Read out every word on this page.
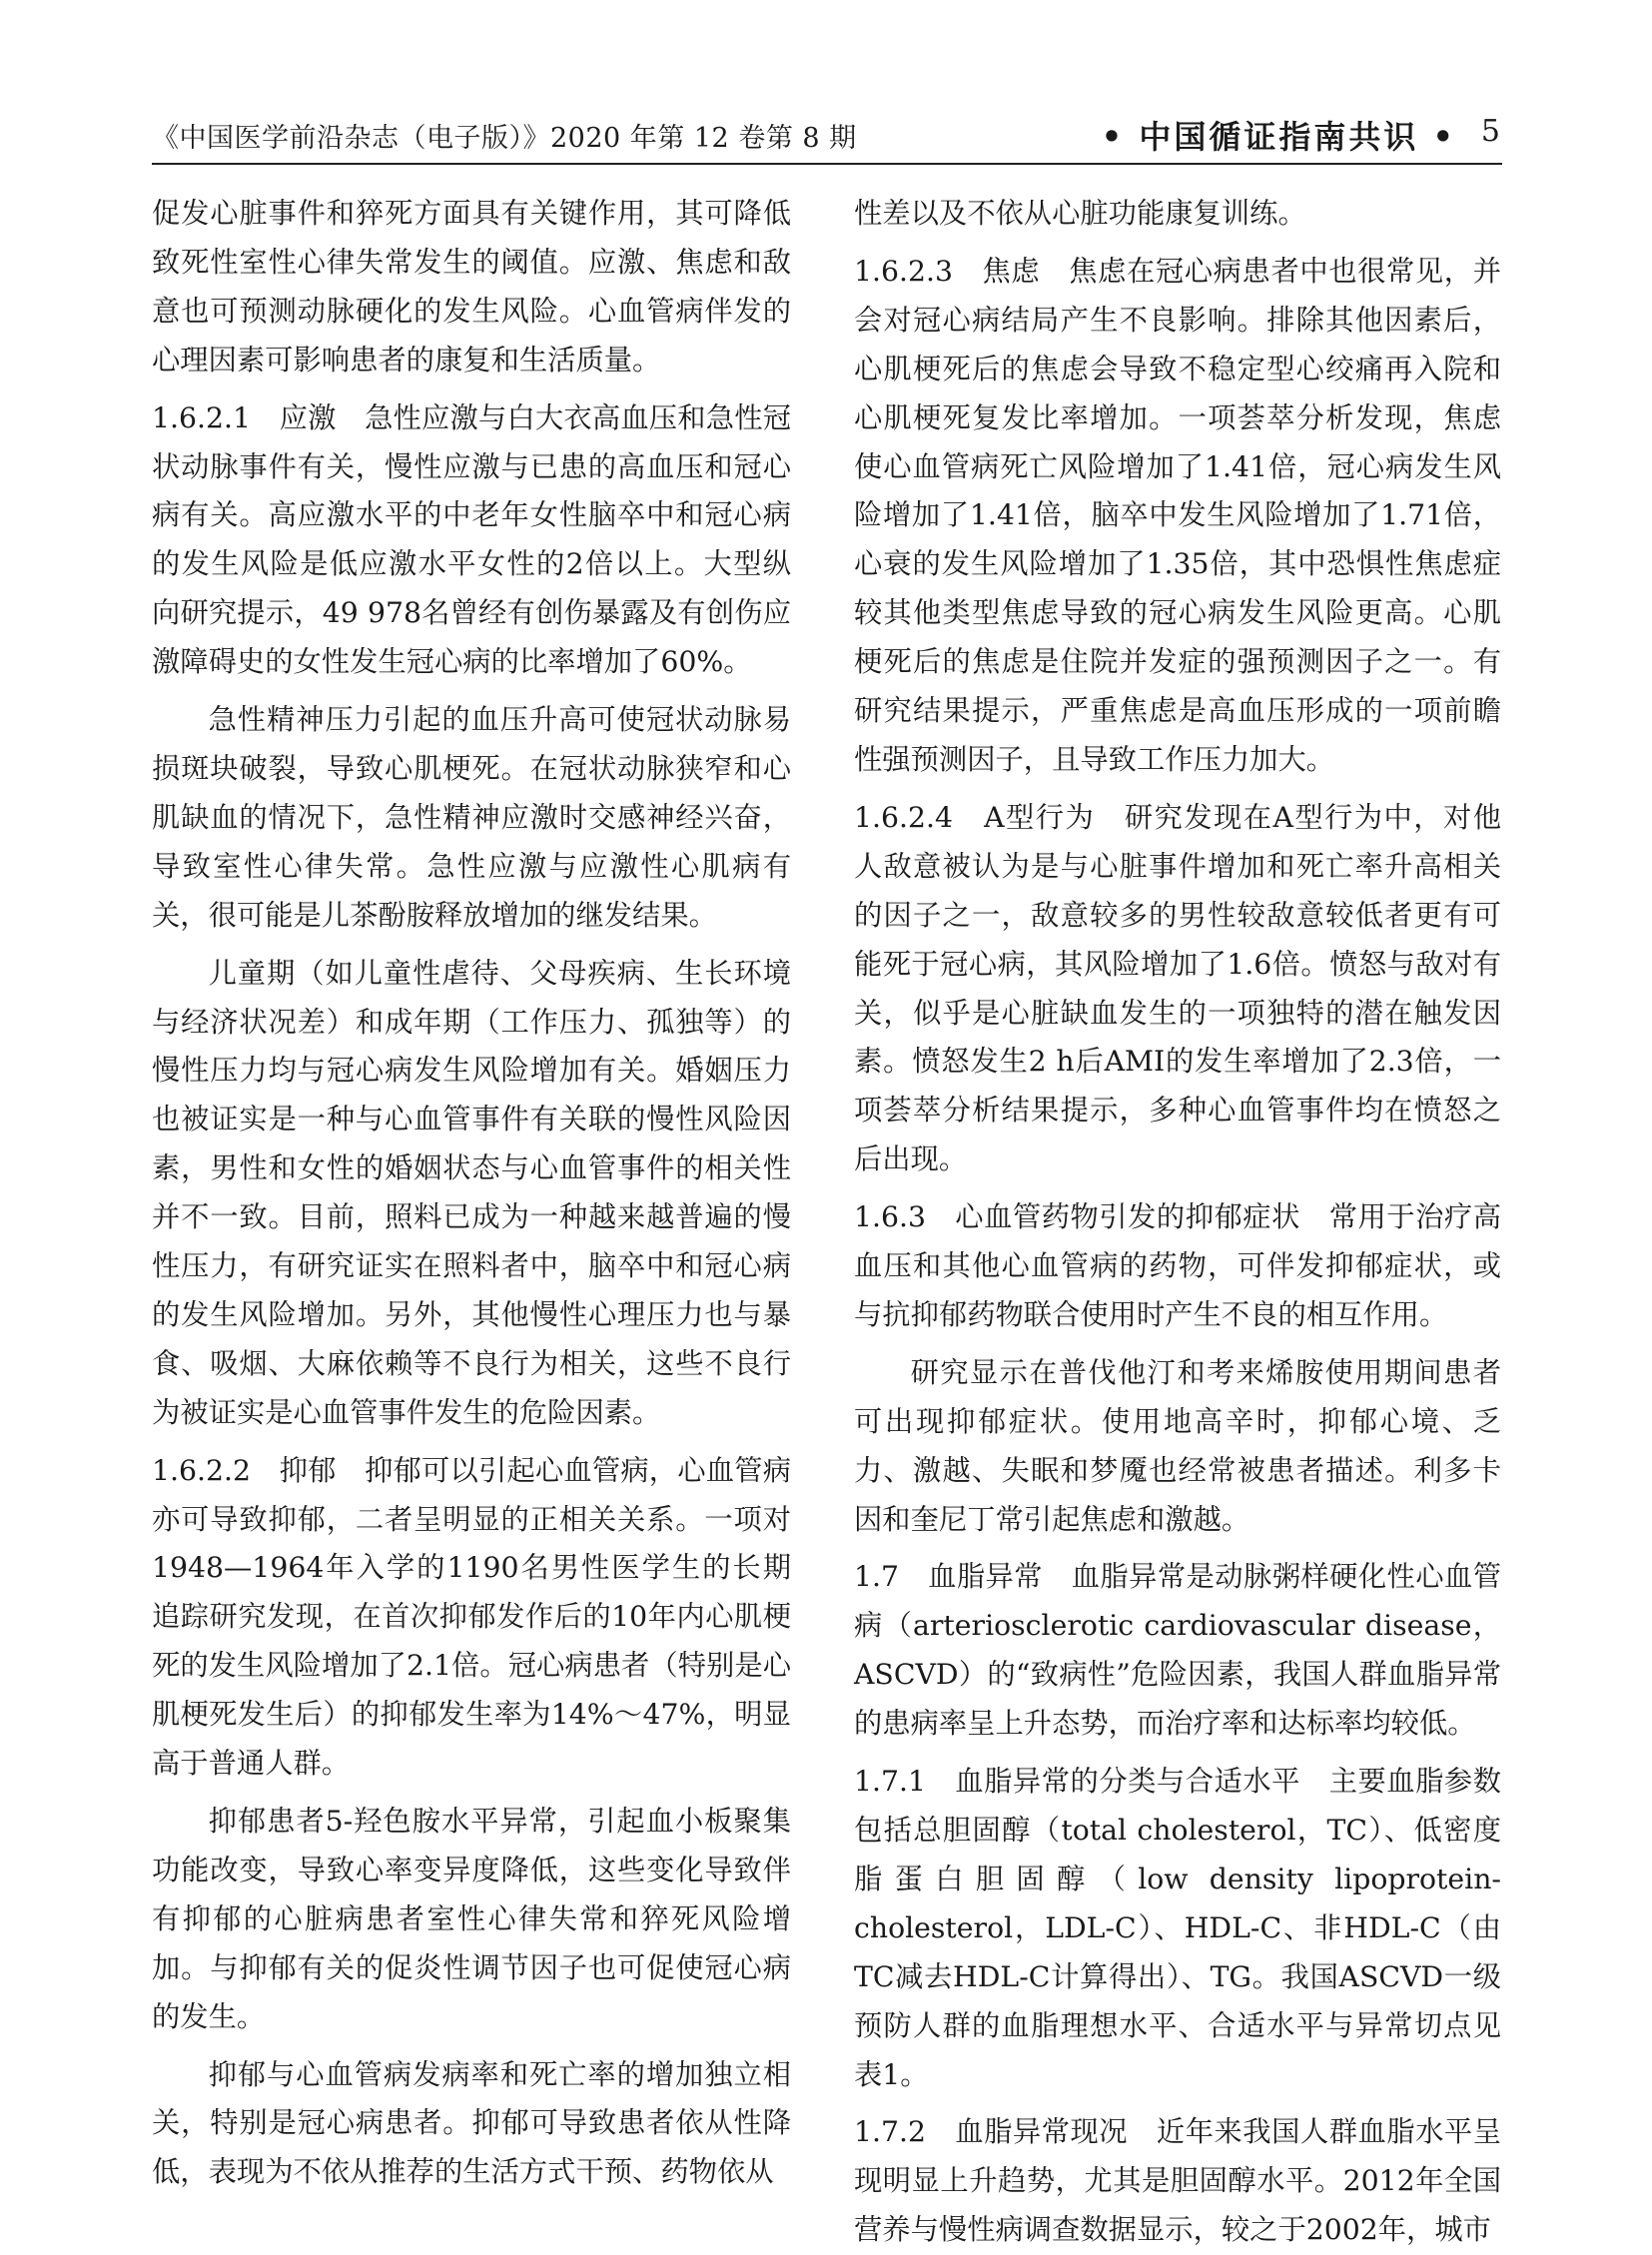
《中国医学前沿杂志（电子版）》2020 年第 12 卷第 8 期	• 中国循证指南共识 • 5

促发心脏事件和猝死方面具有关键作用，其可降低致死性室性心律失常发生的阈值。应激、焦虑和敌意也可预测动脉硬化的发生风险。心血管病伴发的心理因素可影响患者的康复和生活质量。

1.6.2.1　应激　急性应激与白大衣高血压和急性冠状动脉事件有关，慢性应激与已患的高血压和冠心病有关。高应激水平的中老年女性脑卒中和冠心病的发生风险是低应激水平女性的2倍以上。大型纵向研究提示，49 978名曾经有创伤暴露及有创伤应激障碍史的女性发生冠心病的比率增加了60%。

急性精神压力引起的血压升高可使冠状动脉易损斑块破裂，导致心肌梗死。在冠状动脉狭窄和心肌缺血的情况下，急性精神应激时交感神经兴奋，导致室性心律失常。急性应激与应激性心肌病有关，很可能是儿茶酚胺释放增加的继发结果。

儿童期（如儿童性虐待、父母疾病、生长环境与经济状况差）和成年期（工作压力、孤独等）的慢性压力均与冠心病发生风险增加有关。婚姻压力也被证实是一种与心血管事件有关联的慢性风险因素，男性和女性的婚姻状态与心血管事件的相关性并不一致。目前，照料已成为一种越来越普遍的慢性压力，有研究证实在照料者中，脑卒中和冠心病的发生风险增加。另外，其他慢性心理压力也与暴食、吸烟、大麻依赖等不良行为相关，这些不良行为被证实是心血管事件发生的危险因素。

1.6.2.2　抑郁　抑郁可以引起心血管病，心血管病亦可导致抑郁，二者呈明显的正相关关系。一项对1948—1964年入学的1190名男性医学生的长期追踪研究发现，在首次抑郁发作后的10年内心肌梗死的发生风险增加了2.1倍。冠心病患者（特别是心肌梗死发生后）的抑郁发生率为14%～47%，明显高于普通人群。

抑郁患者5-羟色胺水平异常，引起血小板聚集功能改变，导致心率变异度降低，这些变化导致伴有抑郁的心脏病患者室性心律失常和猝死风险增加。与抑郁有关的促炎性调节因子也可促使冠心病的发生。

抑郁与心血管病发病率和死亡率的增加独立相关，特别是冠心病患者。抑郁可导致患者依从性降低，表现为不依从推荐的生活方式干预、药物依从

性差以及不依从心脏功能康复训练。

1.6.2.3　焦虑　焦虑在冠心病患者中也很常见，并会对冠心病结局产生不良影响。排除其他因素后，心肌梗死后的焦虑会导致不稳定型心绞痛再入院和心肌梗死复发比率增加。一项荟萃分析发现，焦虑使心血管病死亡风险增加了1.41倍，冠心病发生风险增加了1.41倍，脑卒中发生风险增加了1.71倍，心衰的发生风险增加了1.35倍，其中恐惧性焦虑症较其他类型焦虑导致的冠心病发生风险更高。心肌梗死后的焦虑是住院并发症的强预测因子之一。有研究结果提示，严重焦虑是高血压形成的一项前瞻性强预测因子，且导致工作压力加大。

1.6.2.4　A型行为　研究发现在A型行为中，对他人敌意被认为是与心脏事件增加和死亡率升高相关的因子之一，敌意较多的男性较敌意较低者更有可能死于冠心病，其风险增加了1.6倍。愤怒与敌对有关，似乎是心脏缺血发生的一项独特的潜在触发因素。愤怒发生2 h后AMI的发生率增加了2.3倍，一项荟萃分析结果提示，多种心血管事件均在愤怒之后出现。

1.6.3　心血管药物引发的抑郁症状　常用于治疗高血压和其他心血管病的药物，可伴发抑郁症状，或与抗抑郁药物联合使用时产生不良的相互作用。

研究显示在普伐他汀和考来烯胺使用期间患者可出现抑郁症状。使用地高辛时，抑郁心境、乏力、激越、失眠和梦魇也经常被患者描述。利多卡因和奎尼丁常引起焦虑和激越。

1.7　血脂异常　血脂异常是动脉粥样硬化性心血管病（arteriosclerotic cardiovascular disease，ASCVD）的“致病性”危险因素，我国人群血脂异常的患病率呈上升态势，而治疗率和达标率均较低。

1.7.1　血脂异常的分类与合适水平　主要血脂参数包括总胆固醇（total cholesterol，TC）、低密度脂蛋白胆固醇（low density lipoprotein-cholesterol，LDL-C）、HDL-C、非HDL-C（由TC减去HDL-C计算得出）、TG。我国ASCVD一级预防人群的血脂理想水平、合适水平与异常切点见表1。

1.7.2　血脂异常现况　近年来我国人群血脂水平呈现明显上升趋势，尤其是胆固醇水平。2012年全国营养与慢性病调查数据显示，较之于2002年，城市
